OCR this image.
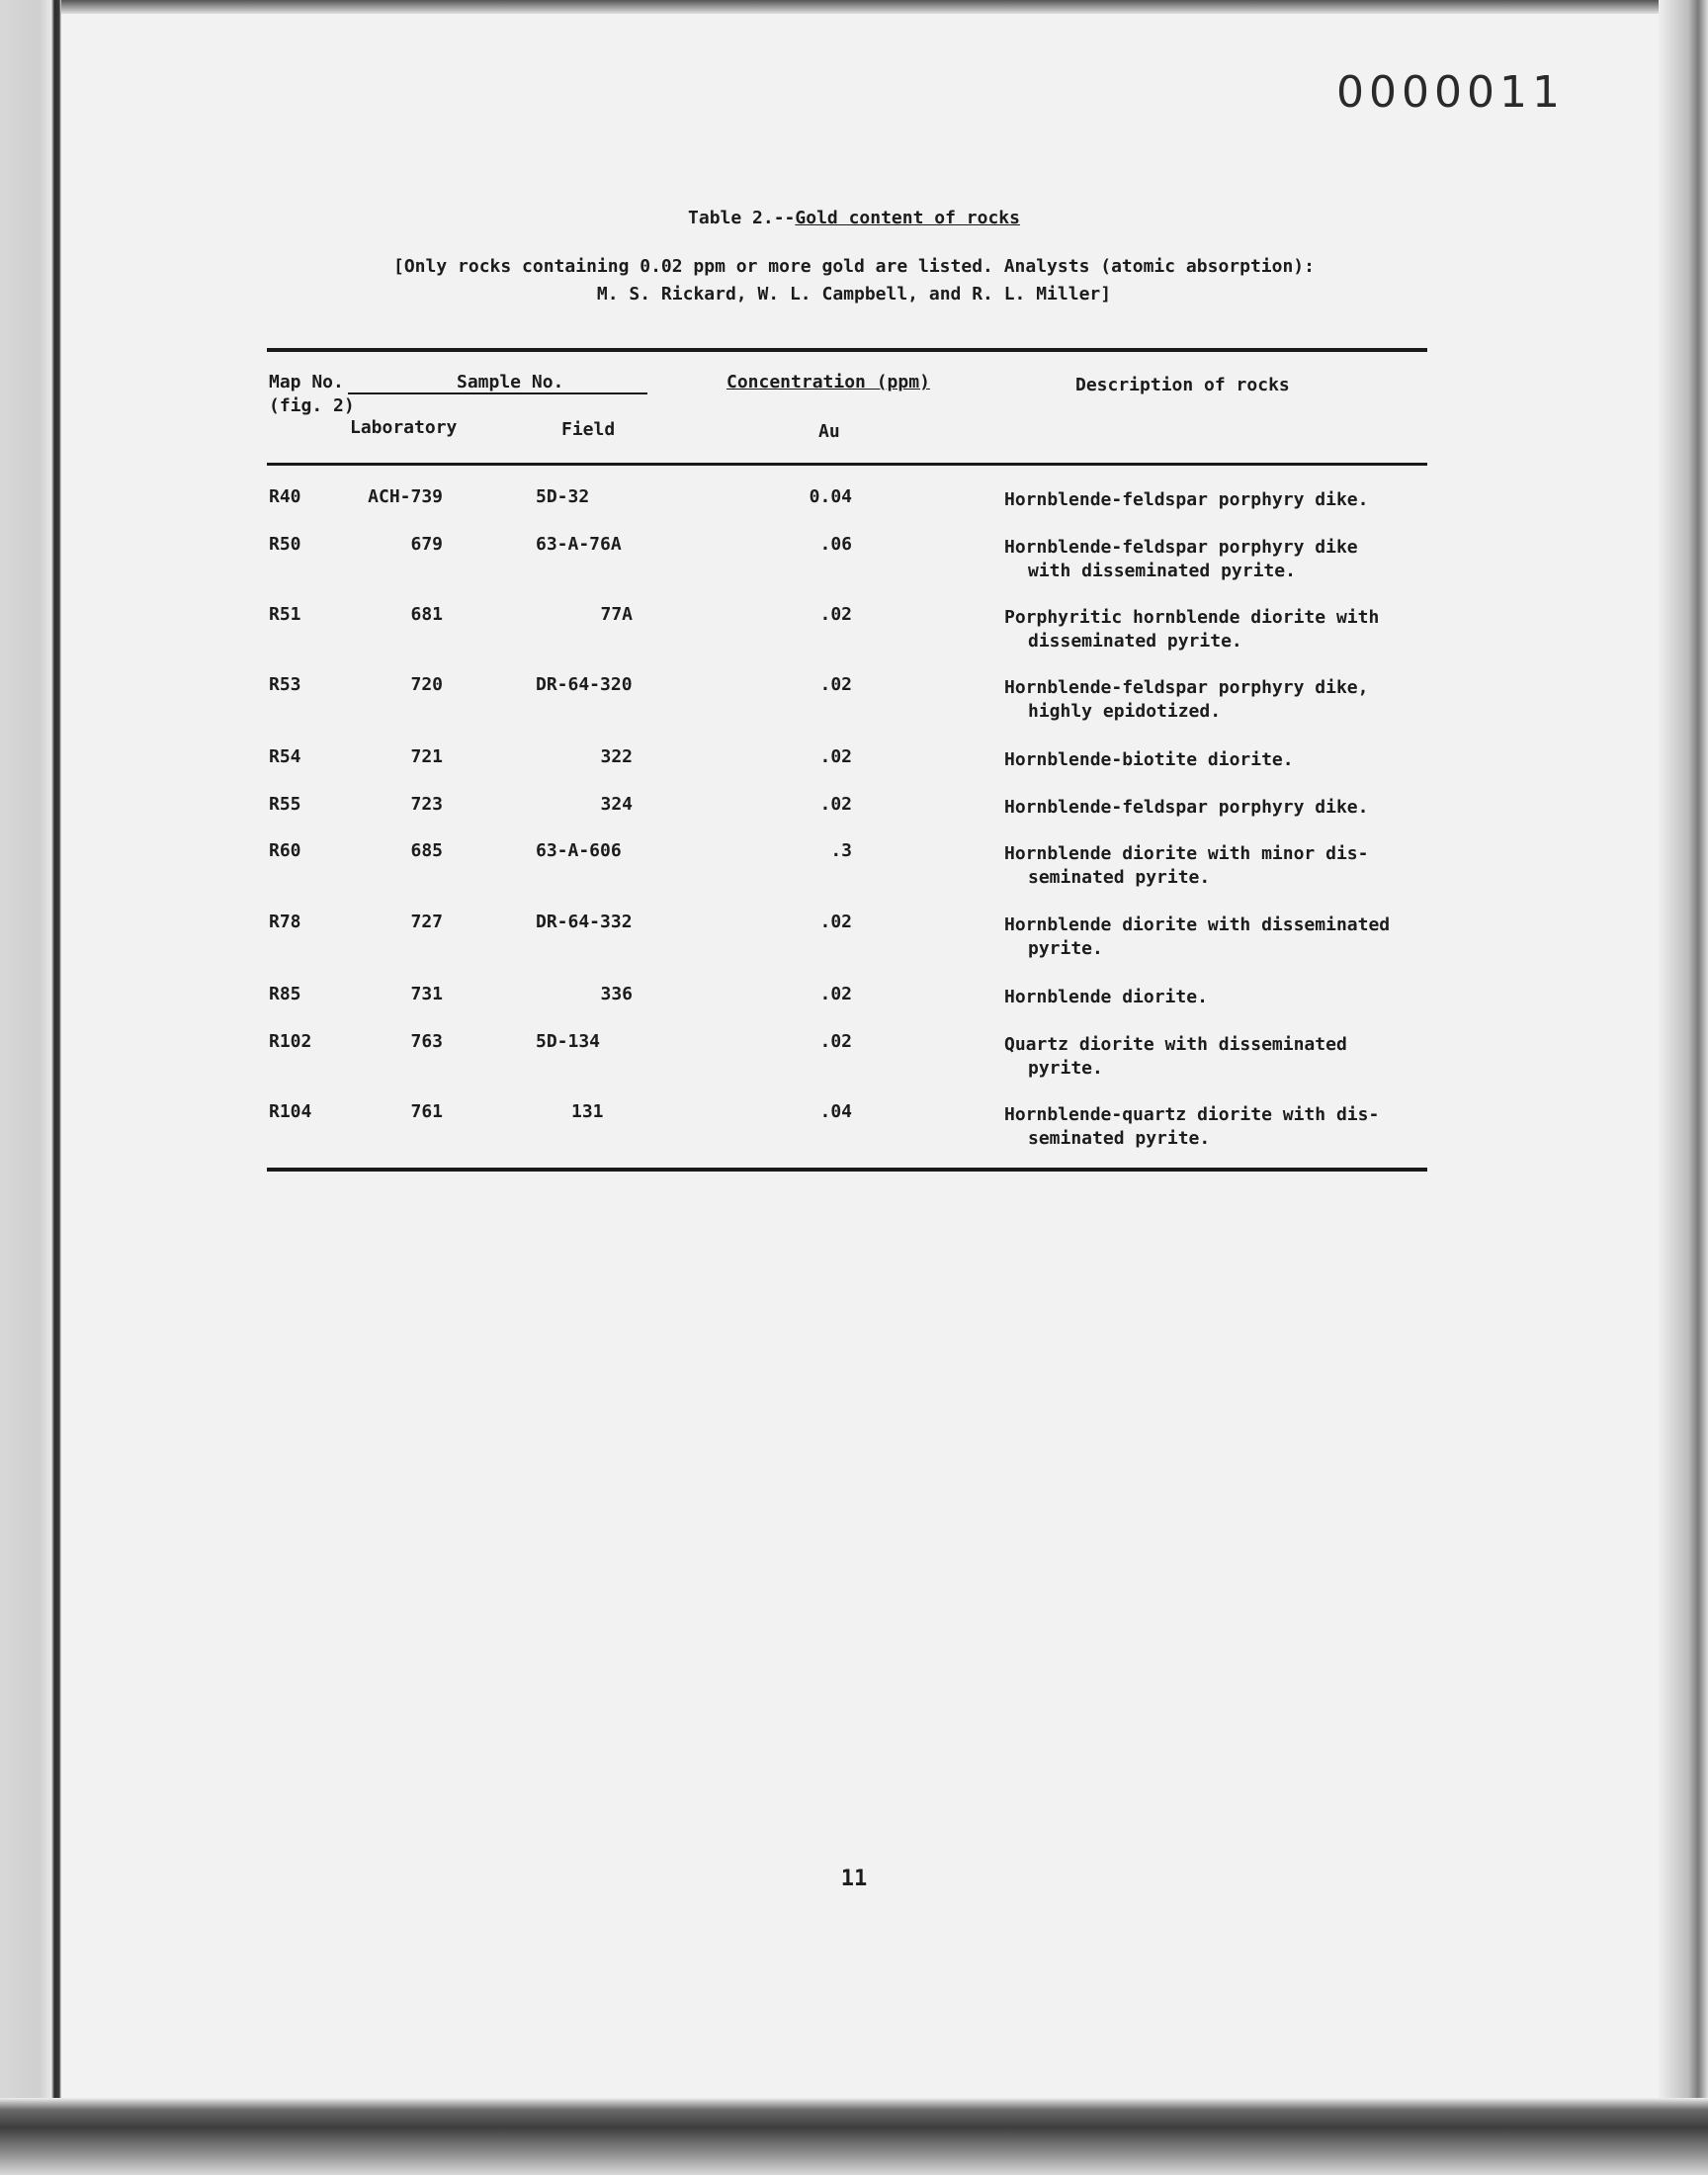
0000011
Table 2.--Gold content of rocks
[Only rocks containing 0.02 ppm or more gold are listed. Analysts (atomic absorption):
M. S. Rickard, W. L. Campbell, and R. L. Miller]
Map No.
(fig. 2)
Sample No.	Concentration (ppm)	Description of rocks
Laboratory	Field	Au
R40	ACH-739	5D-32	0.04	Hornblende-feldspar porphyry dike.
R50	679	63-A-76A	.06	Hornblende-feldspar porphyry dike
with disseminated pyrite.
R51	681	77A	.02	Porphyritic hornblende diorite with
disseminated pyrite.
R53	720	DR-64-320	.02	Hornblende-feldspar porphyry dike,
highly epidotized.
R54	721	322	.02	Hornblende-biotite diorite.
R55	723	324	.02	Hornblende-feldspar porphyry dike.
R60	685	63-A-606	.3	Hornblende diorite with minor dis-
seminated pyrite.
R78	727	DR-64-332	.02	Hornblende diorite with disseminated
pyrite.
R85	731	336	.02	Hornblende diorite.
R102	763	5D-134	.02	Quartz diorite with disseminated
pyrite.
R104	761	131	.04	Hornblende-quartz diorite with dis-
seminated pyrite.
11
